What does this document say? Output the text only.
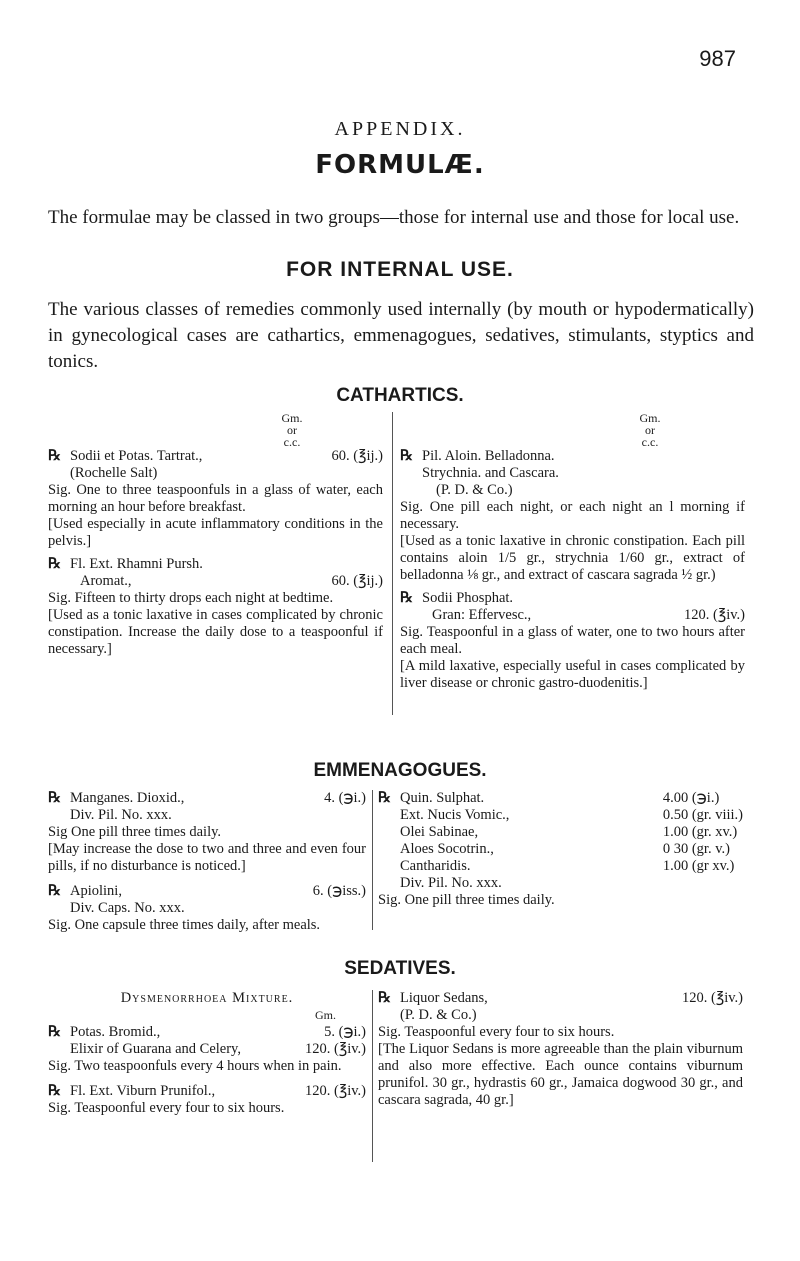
987
APPENDIX.
FORMULÆ.
The formulae may be classed in two groups—those for internal use and those for local use.
FOR INTERNAL USE.
The various classes of remedies commonly used internally (by mouth or hypodermatically) in gynecological cases are cathartics, emmenagogues, sedatives, stimulants, styptics and tonics.
CATHARTICS.
Gm.
or
c.c.
℞ Sodii et Potas. Tartrat.,	60. (℥ij.)
(Rochelle Salt)

Sig. One to three teaspoonfuls in a glass of water, each morning an hour before breakfast.

[Used especially in acute inflammatory conditions in the pelvis.]

℞ Fl. Ext. Rhamni Pursh.
Aromat.,	60. (℥ij.)

Sig. Fifteen to thirty drops each night at bedtime.

[Used as a tonic laxative in cases complicated by chronic constipation. Increase the daily dose to a teaspoonful if necessary.]

Gm.
or
c.c.
℞ Pil. Aloin. Belladonna.
Strychnia. and Cascara.
(P. D. & Co.)

Sig. One pill each night, or each night an l morning if necessary.

[Used as a tonic laxative in chronic constipation. Each pill contains aloin 1/5 gr., strychnia 1/60 gr., extract of belladonna ⅛ gr., and extract of cascara sagrada ½ gr.)

℞ Sodii Phosphat.
Gran: Effervesc.,	120. (℥iv.)

Sig. Teaspoonful in a glass of water, one to two hours after each meal.

[A mild laxative, especially useful in cases complicated by liver disease or chronic gastro-duodenitis.]

EMMENAGOGUES.
℞ Manganes. Dioxid.,	4. (℈i.)
Div. Pil. No. xxx.

Sig One pill three times daily.

[May increase the dose to two and three and even four pills, if no disturbance is noticed.]

℞ Apiolini,	6. (℈iss.)
Div. Caps. No. xxx.

Sig. One capsule three times daily, after meals.

℞ Quin. Sulphat.	4.00 (℈i.)
Ext. Nucis Vomic.,	0.50 (gr. viii.)
Olei Sabinae,	1.00 (gr. xv.)
Aloes Socotrin.,	0 30 (gr. v.)
Cantharidis.	1.00 (gr xv.)
Div. Pil. No. xxx.

Sig. One pill three times daily.

SEDATIVES.
Dysmenorrhoea Mixture.
Gm.
℞ Potas. Bromid.,	5. (℈i.)
Elixir of Guarana and Celery,	120. (℥iv.)

Sig. Two teaspoonfuls every 4 hours when in pain.

℞ Fl. Ext. Viburn Prunifol.,	120. (℥iv.)

Sig. Teaspoonful every four to six hours.

℞ Liquor Sedans,	120. (℥iv.)
(P. D. & Co.)

Sig. Teaspoonful every four to six hours.

[The Liquor Sedans is more agreeable than the plain viburnum and also more effective. Each ounce contains viburnum prunifol. 30 gr., hydrastis 60 gr., Jamaica dogwood 30 gr., and cascara sagrada, 40 gr.]
